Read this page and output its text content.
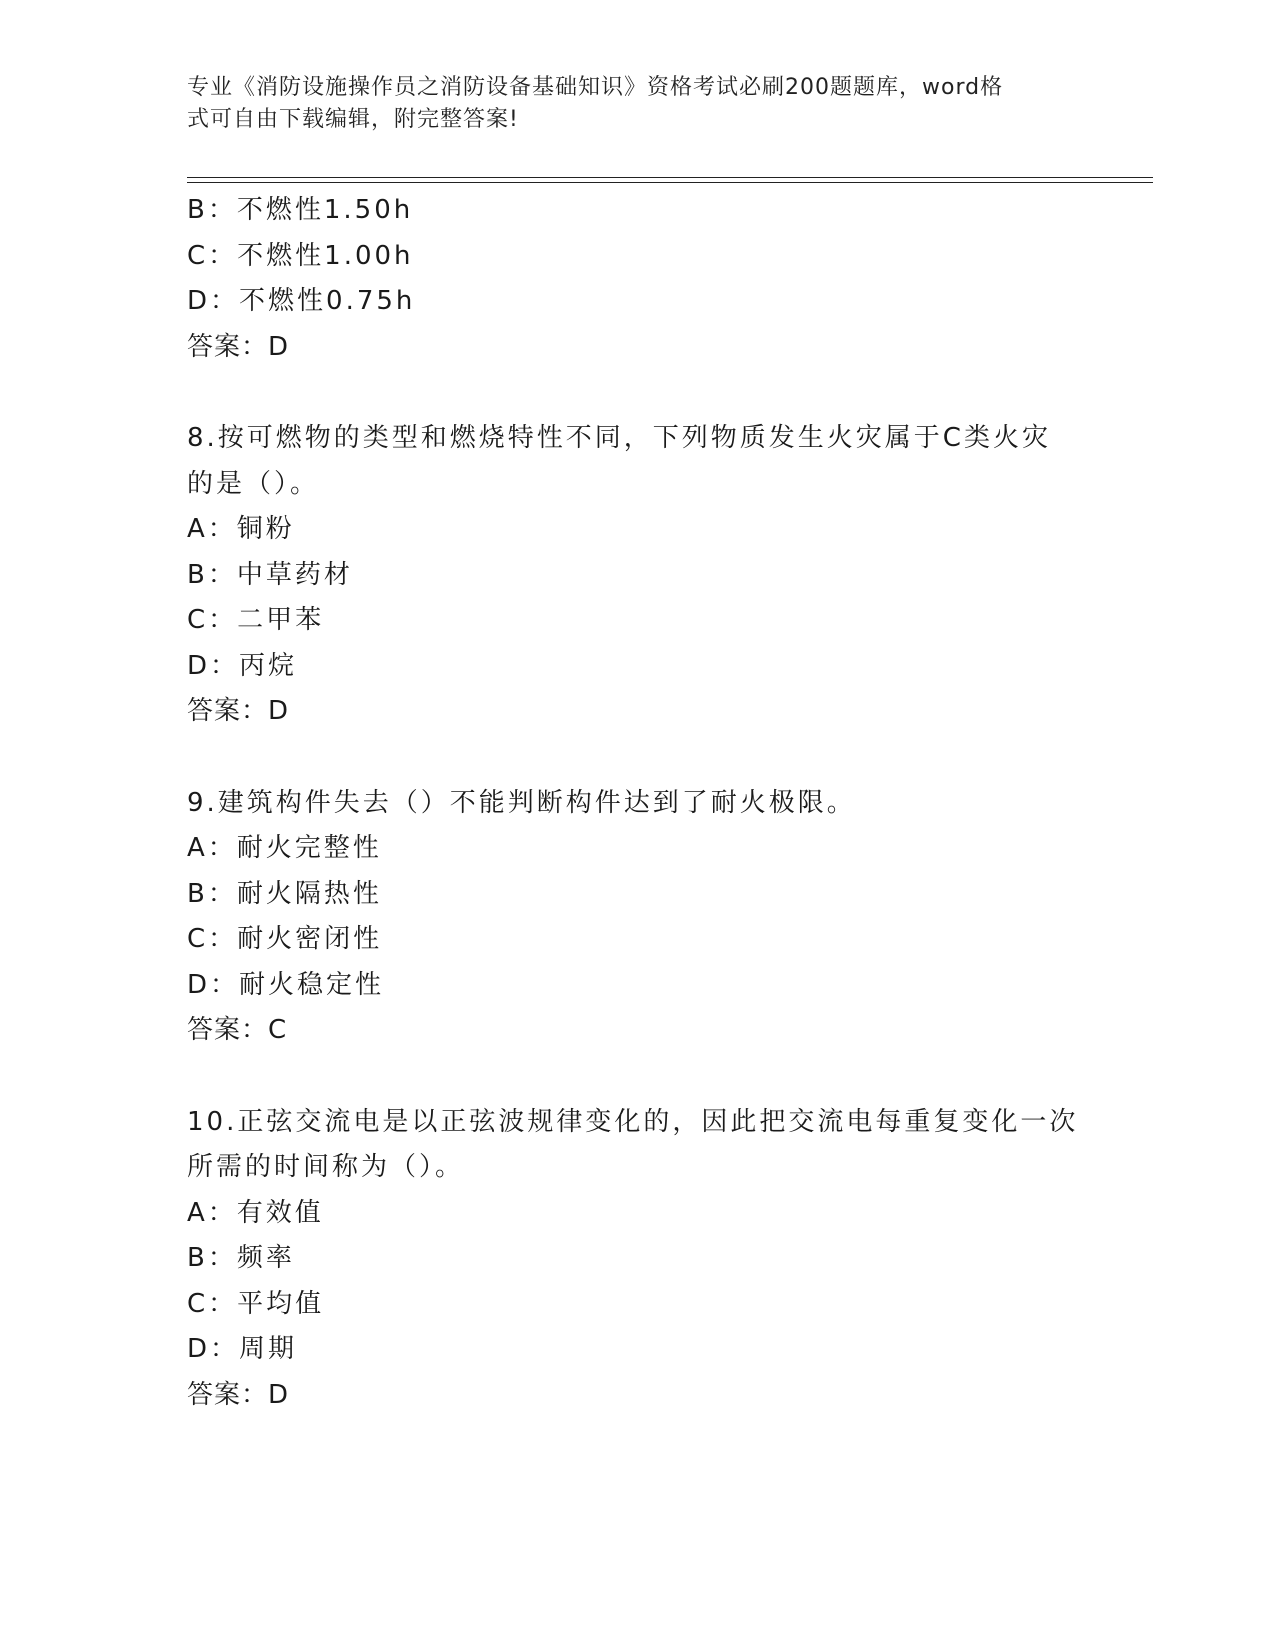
专业《消防设施操作员之消防设备基础知识》资格考试必刷200题题库，word格
式可自由下载编辑，附完整答案!
B：不燃性1.50h
C：不燃性1.00h
D：不燃性0.75h
答案：D
8.按可燃物的类型和燃烧特性不同，下列物质发生火灾属于C类火灾
的是（）。
A：铜粉
B：中草药材
C：二甲苯
D：丙烷
答案：D
9.建筑构件失去（）不能判断构件达到了耐火极限。
A：耐火完整性
B：耐火隔热性
C：耐火密闭性
D：耐火稳定性
答案：C
10.正弦交流电是以正弦波规律变化的，因此把交流电每重复变化一次
所需的时间称为（）。
A：有效值
B：频率
C：平均值
D：周期
答案：D
